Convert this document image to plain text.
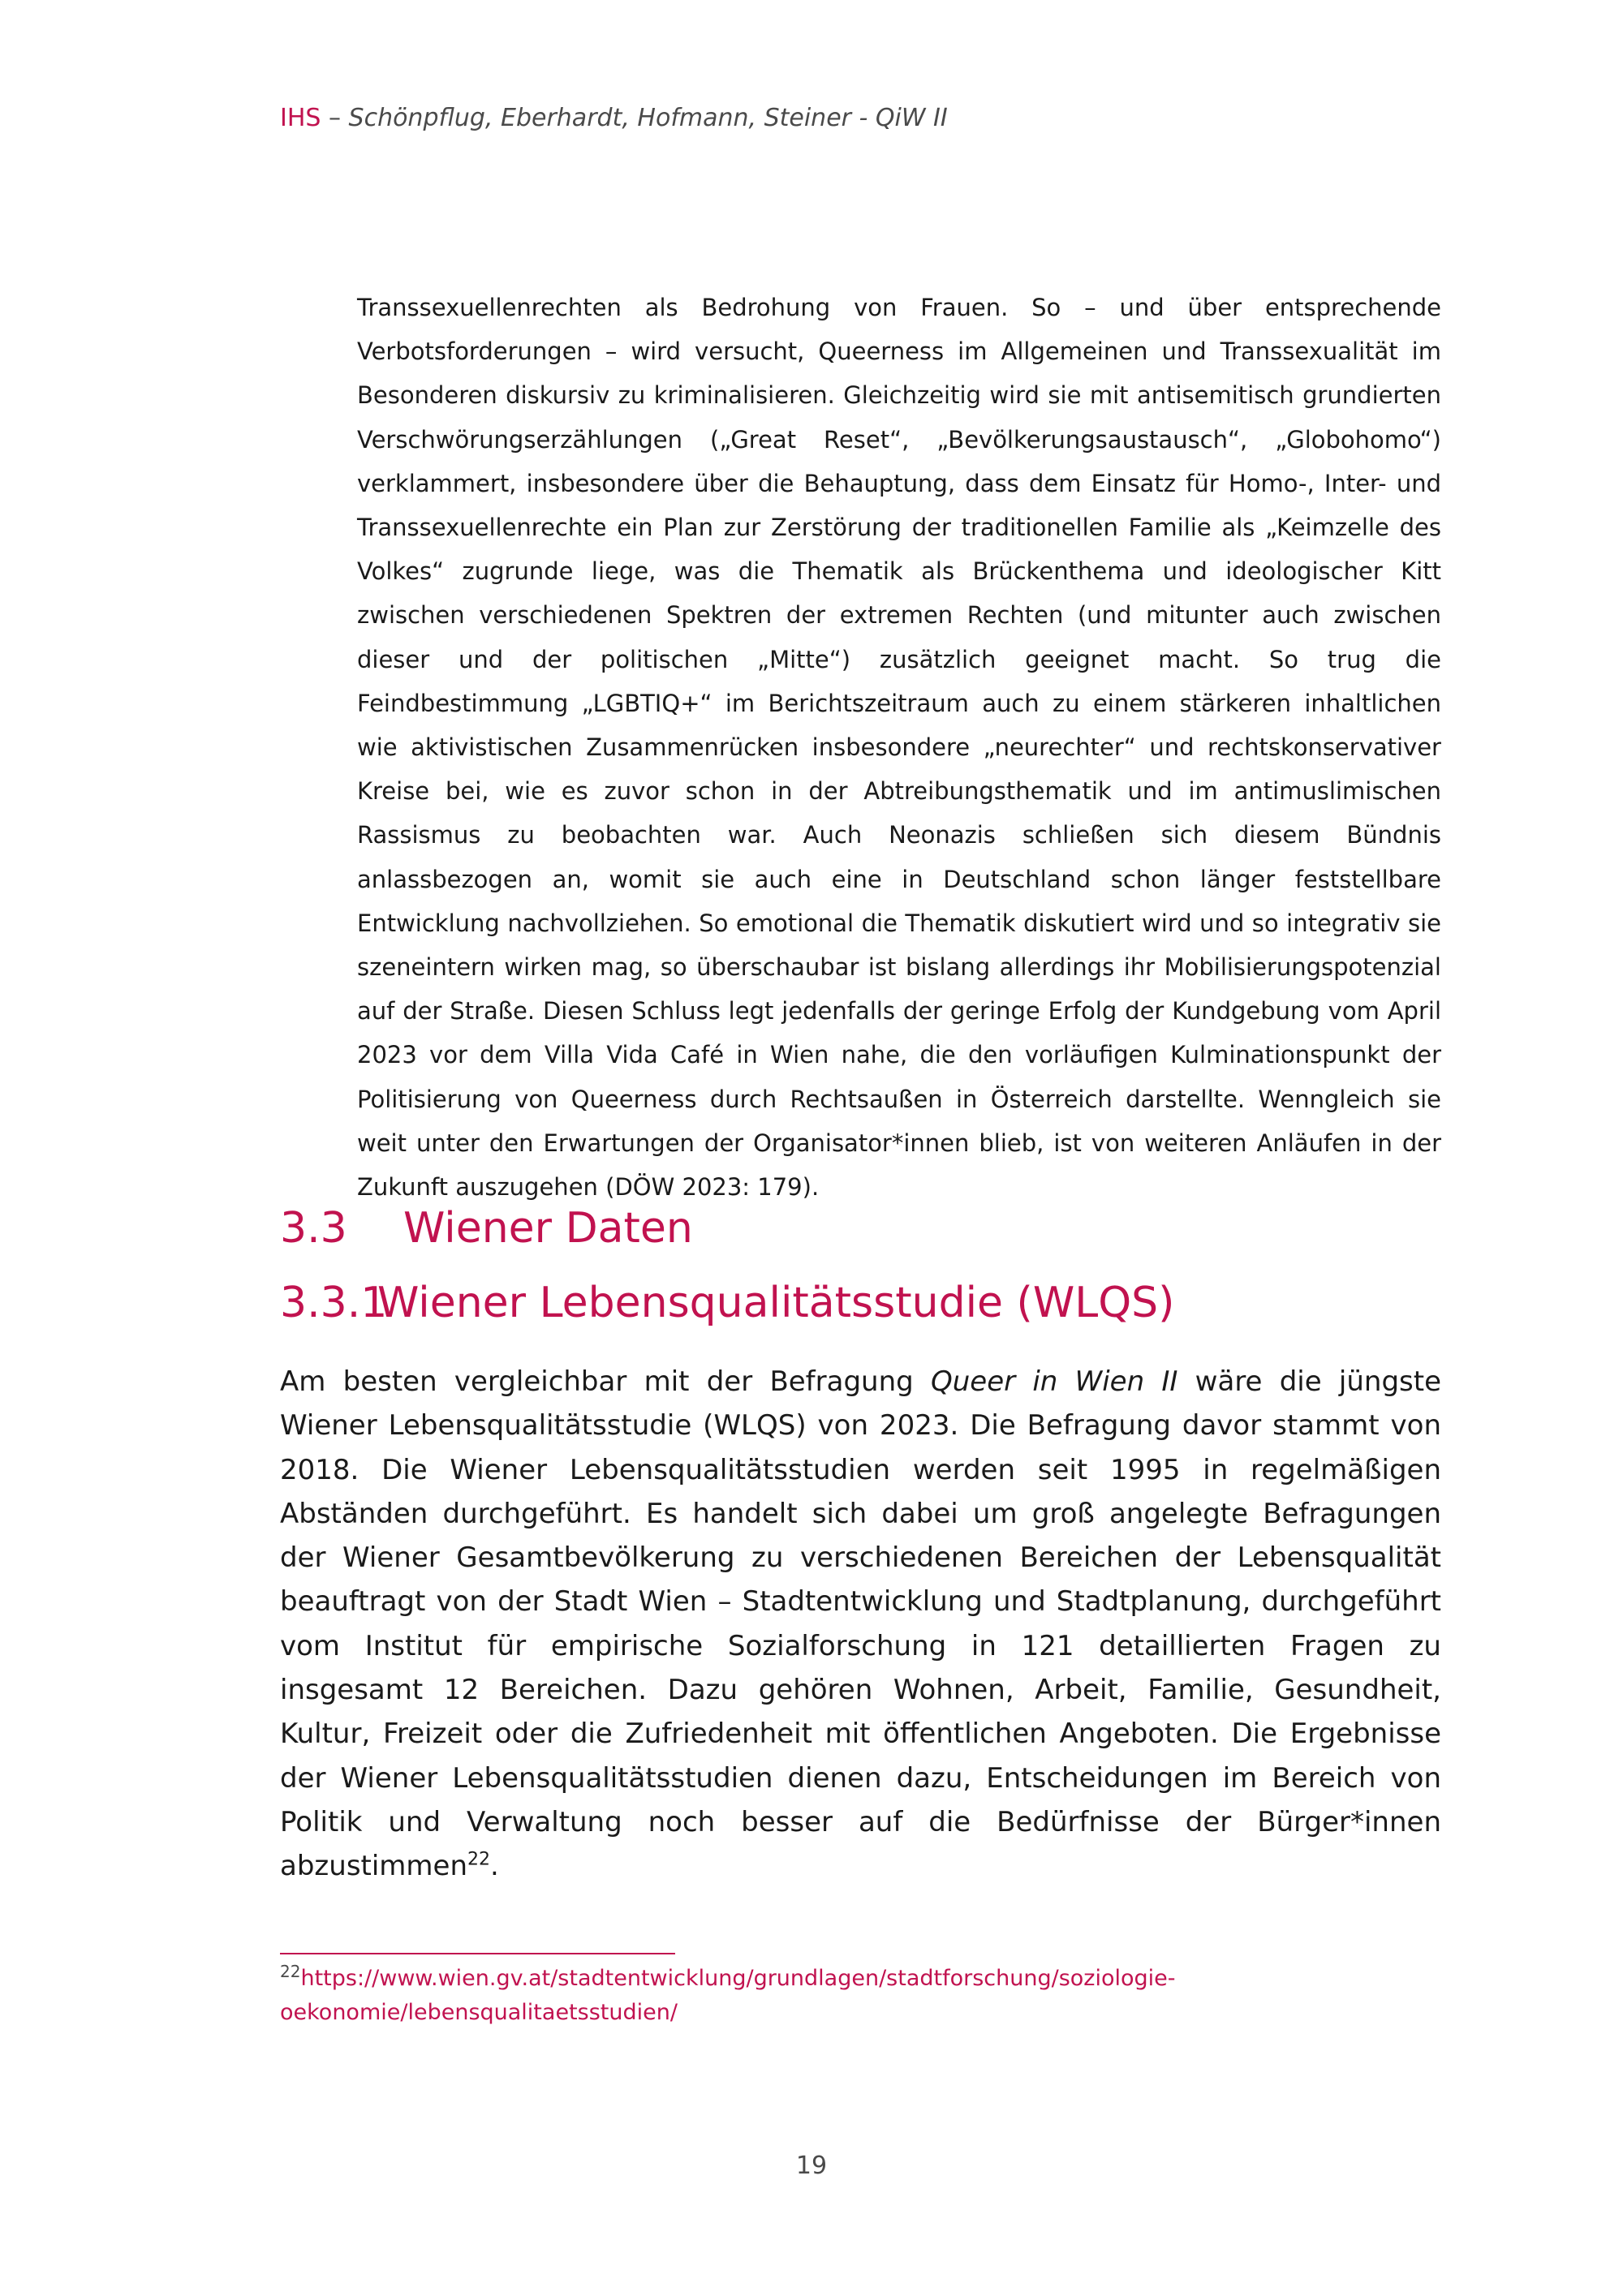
IHS – Schönpflug, Eberhardt, Hofmann, Steiner - QiW II

Transsexuellenrechten als Bedrohung von Frauen. So – und über entsprechende Verbotsforderungen – wird versucht, Queerness im Allgemeinen und Transsexualität im Besonderen diskursiv zu kriminalisieren. Gleichzeitig wird sie mit antisemitisch grundierten Verschwörungserzählungen („Great Reset“, „Bevölkerungsaustausch“, „Globohomo“) verklammert, insbesondere über die Behauptung, dass dem Einsatz für Homo-, Inter- und Transsexuellenrechte ein Plan zur Zerstörung der traditionellen Familie als „Keimzelle des Volkes“ zugrunde liege, was die Thematik als Brückenthema und ideologischer Kitt zwischen verschiedenen Spektren der extremen Rechten (und mitunter auch zwischen dieser und der politischen „Mitte“) zusätzlich geeignet macht. So trug die Feindbestimmung „LGBTIQ+“ im Berichtszeitraum auch zu einem stärkeren inhaltlichen wie aktivistischen Zusammenrücken insbesondere „neurechter“ und rechtskonservativer Kreise bei, wie es zuvor schon in der Abtreibungsthematik und im antimuslimischen Rassismus zu beobachten war. Auch Neonazis schließen sich diesem Bündnis anlassbezogen an, womit sie auch eine in Deutschland schon länger feststellbare Entwicklung nachvollziehen. So emotional die Thematik diskutiert wird und so integrativ sie szeneintern wirken mag, so überschaubar ist bislang allerdings ihr Mobilisierungspotenzial auf der Straße. Diesen Schluss legt jedenfalls der geringe Erfolg der Kundgebung vom April 2023 vor dem Villa Vida Café in Wien nahe, die den vorläufigen Kulminationspunkt der Politisierung von Queerness durch Rechtsaußen in Österreich darstellte. Wenngleich sie weit unter den Erwartungen der Organisator*innen blieb, ist von weiteren Anläufen in der Zukunft auszugehen (DÖW 2023: 179).

3.3 Wiener Daten
3.3.1Wiener Lebensqualitätsstudie (WLQS)

Am besten vergleichbar mit der Befragung Queer in Wien II wäre die jüngste Wiener Lebensqualitätsstudie (WLQS) von 2023. Die Befragung davor stammt von 2018. Die Wiener Lebensqualitätsstudien werden seit 1995 in regelmäßigen Abständen durchgeführt. Es handelt sich dabei um groß angelegte Befragungen der Wiener Gesamtbevölkerung zu verschiedenen Bereichen der Lebensqualität beauftragt von der Stadt Wien – Stadtentwicklung und Stadtplanung, durchgeführt vom Institut für empirische Sozialforschung in 121 detaillierten Fragen zu insgesamt 12 Bereichen. Dazu gehören Wohnen, Arbeit, Familie, Gesundheit, Kultur, Freizeit oder die Zufriedenheit mit öffentlichen Angeboten. Die Ergebnisse der Wiener Lebensqualitätsstudien dienen dazu, Entscheidungen im Bereich von Politik und Verwaltung noch besser auf die Bedürfnisse der Bürger*innen abzustimmen$^{22}$.

$^{22}$https://www.wien.gv.at/stadtentwicklung/grundlagen/stadtforschung/soziologie-oekonomie/lebensqualitaetsstudien/

19
